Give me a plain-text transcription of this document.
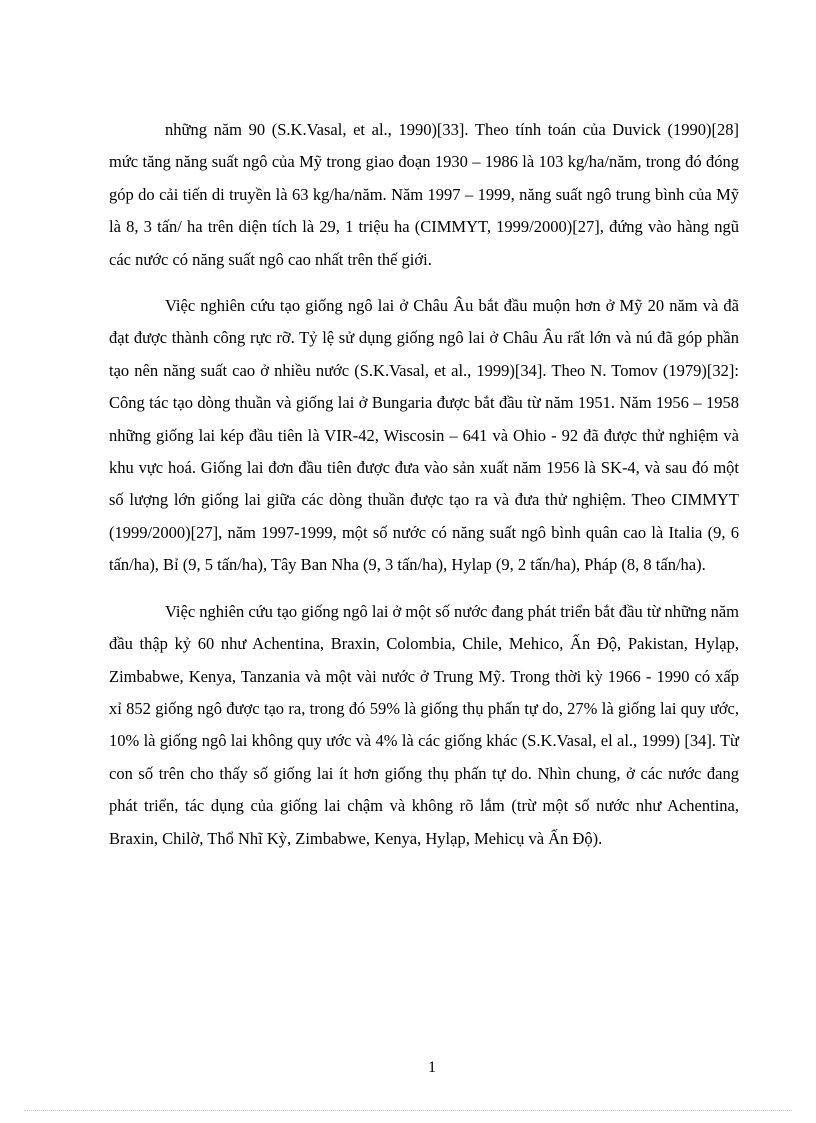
những năm 90 (S.K.Vasal, et al., 1990)[33]. Theo tính toán của Duvick (1990)[28] mức tăng năng suất ngô của Mỹ trong giao đoạn 1930 – 1986 là 103 kg/ha/năm, trong đó đóng góp do cải tiến di truyền là 63 kg/ha/năm. Năm 1997 – 1999, năng suất ngô trung bình của Mỹ là 8, 3 tấn/ ha trên diện tích là 29, 1 triệu ha (CIMMYT, 1999/2000)[27], đứng vào hàng ngũ các nước có năng suất ngô cao nhất trên thế giới.

Việc nghiên cứu tạo giống ngô lai ở Châu Âu bắt đầu muộn hơn ở Mỹ 20 năm và đã đạt được thành công rực rỡ. Tỷ lệ sử dụng giống ngô lai ở Châu Âu rất lớn và nú đã góp phần tạo nên năng suất cao ở nhiều nước (S.K.Vasal, et al., 1999)[34]. Theo N. Tomov (1979)[32]: Công tác tạo dòng thuần và giống lai ở Bungaria được bắt đầu từ năm 1951. Năm 1956 – 1958 những giống lai kép đầu tiên là VIR-42, Wiscosin – 641 và Ohio - 92 đã được thử nghiệm và khu vực hoá. Giống lai đơn đầu tiên được đưa vào sản xuất năm 1956 là SK-4, và sau đó một số lượng lớn giống lai giữa các dòng thuần được tạo ra và đưa thử nghiệm. Theo CIMMYT (1999/2000)[27], năm 1997-1999, một số nước có năng suất ngô bình quân cao là Italia (9, 6 tấn/ha), Bỉ (9, 5 tấn/ha), Tây Ban Nha (9, 3 tấn/ha), Hylap (9, 2 tấn/ha), Pháp (8, 8 tấn/ha).

Việc nghiên cứu tạo giống ngô lai ở một số nước đang phát triển bắt đầu từ những năm đầu thập kỷ 60 như Achentina, Braxin, Colombia, Chile, Mehico, Ấn Độ, Pakistan, Hylạp, Zimbabwe, Kenya, Tanzania và một vài nước ở Trung Mỹ. Trong thời kỳ 1966 - 1990 có xấp xỉ 852 giống ngô được tạo ra, trong đó 59% là giống thụ phấn tự do, 27% là giống lai quy ước, 10% là giống ngô lai không quy ước và 4% là các giống khác (S.K.Vasal, el al., 1999) [34]. Từ con số trên cho thấy số giống lai ít hơn giống thụ phấn tự do. Nhìn chung, ở các nước đang phát triển, tác dụng của giống lai chậm và không rõ lắm (trừ một số nước như Achentina, Braxin, Chilờ, Thổ Nhĩ Kỳ, Zimbabwe, Kenya, Hylạp, Mehicụ và Ấn Độ).

1
